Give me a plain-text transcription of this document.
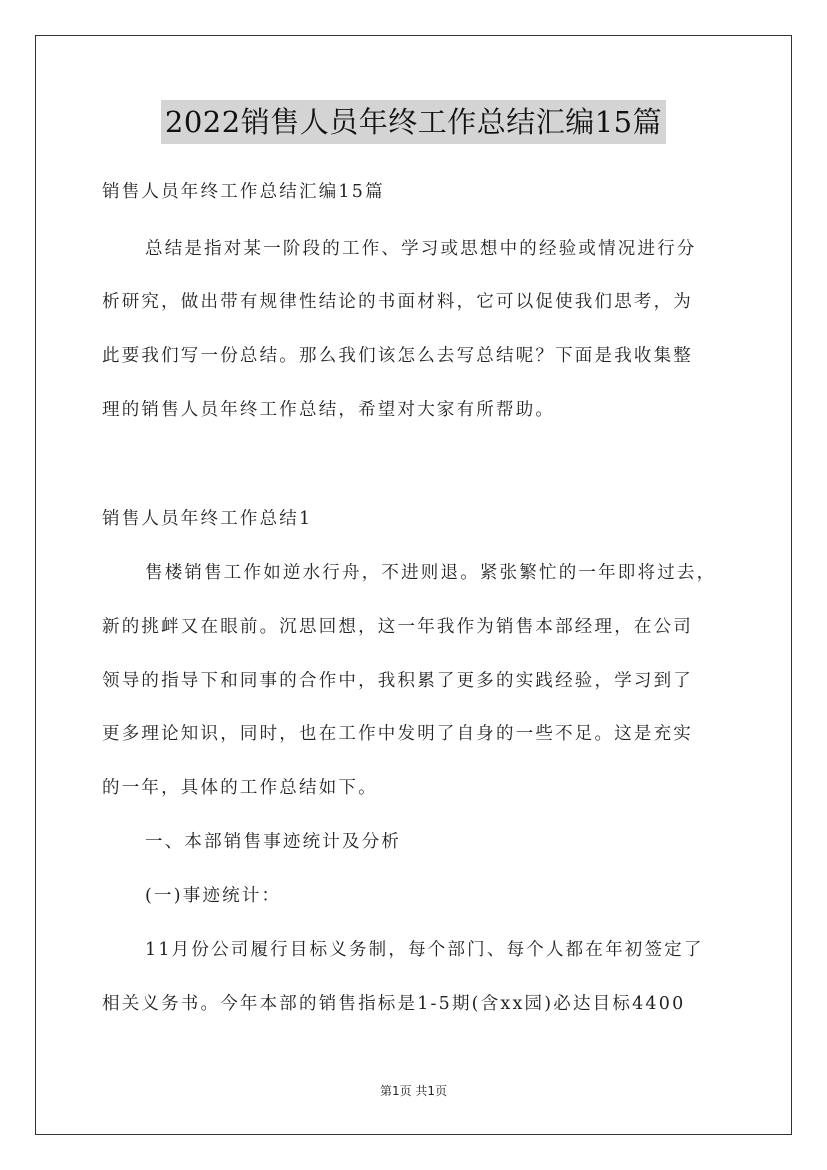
2022销售人员年终工作总结汇编15篇
销售人员年终工作总结汇编15篇
总结是指对某一阶段的工作、学习或思想中的经验或情况进行分
析研究，做出带有规律性结论的书面材料，它可以促使我们思考，为
此要我们写一份总结。那么我们该怎么去写总结呢？下面是我收集整
理的销售人员年终工作总结，希望对大家有所帮助。
销售人员年终工作总结1
售楼销售工作如逆水行舟，不进则退。紧张繁忙的一年即将过去，
新的挑衅又在眼前。沉思回想，这一年我作为销售本部经理，在公司
领导的指导下和同事的合作中，我积累了更多的实践经验，学习到了
更多理论知识，同时，也在工作中发明了自身的一些不足。这是充实
的一年，具体的工作总结如下。
一、本部销售事迹统计及分析
(一)事迹统计：
11月份公司履行目标义务制，每个部门、每个人都在年初签定了
相关义务书。今年本部的销售指标是1-5期(含xx园)必达目标4400
第1页 共1页
